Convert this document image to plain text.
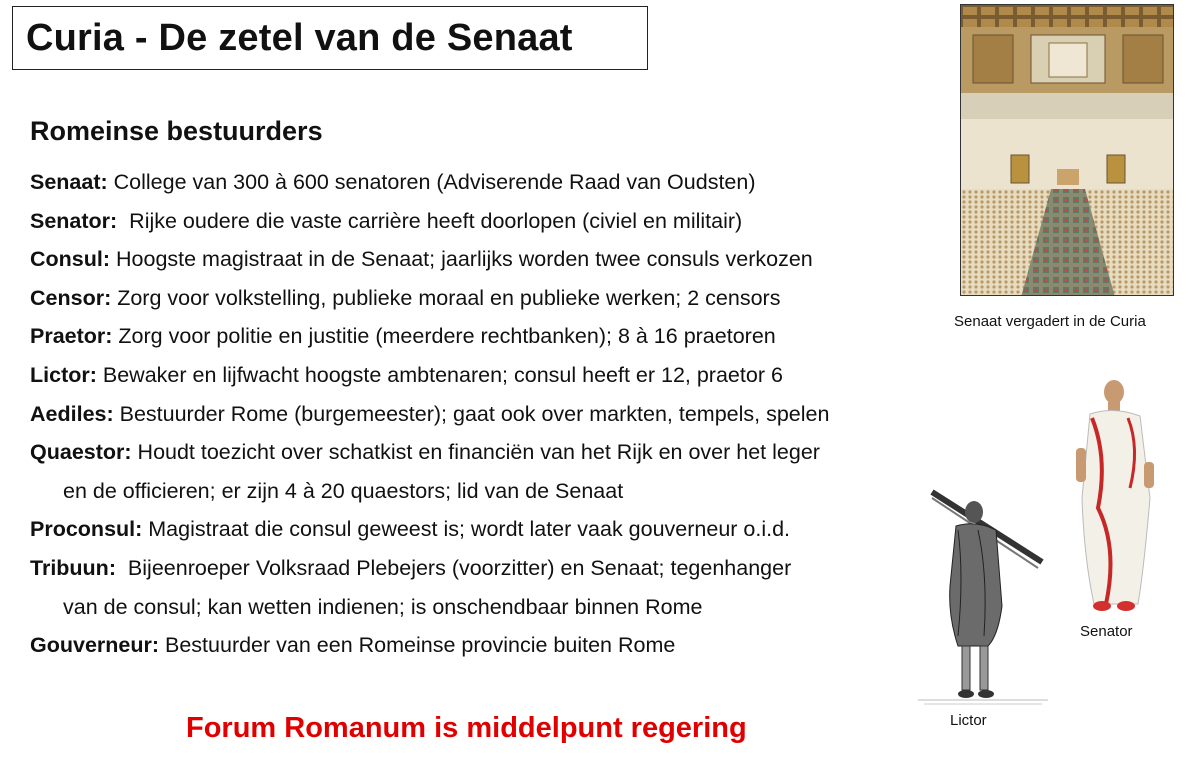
Curia - De zetel van de Senaat
Romeinse bestuurders
Senaat: College van 300 à 600 senatoren (Adviserende Raad van Oudsten)
Senator:  Rijke oudere die vaste carrière heeft doorlopen (civiel en militair)
Consul: Hoogste magistraat in de Senaat; jaarlijks worden twee consuls verkozen
Censor: Zorg voor volkstelling, publieke moraal en publieke werken; 2 censors
Praetor: Zorg voor politie en justitie (meerdere rechtbanken); 8 à 16 praetoren
Lictor: Bewaker en lijfwacht hoogste ambtenaren; consul heeft er 12, praetor 6
Aediles: Bestuurder Rome (burgemeester); gaat ook over markten, tempels, spelen
Quaestor: Houdt toezicht over schatkist en financiën van het Rijk en over het leger
en de officieren; er zijn 4 à 20 quaestors; lid van de Senaat
Proconsul: Magistraat die consul geweest is; wordt later vaak gouverneur o.i.d.
Tribuun:  Bijeenroeper Volksraad Plebejers (voorzitter) en Senaat; tegenhanger
van de consul; kan wetten indienen; is onschendbaar binnen Rome
Gouverneur: Bestuurder van een Romeinse provincie buiten Rome

Forum Romanum is middelpunt regering

Senaat vergadert in de Curia
Senator
Lictor
